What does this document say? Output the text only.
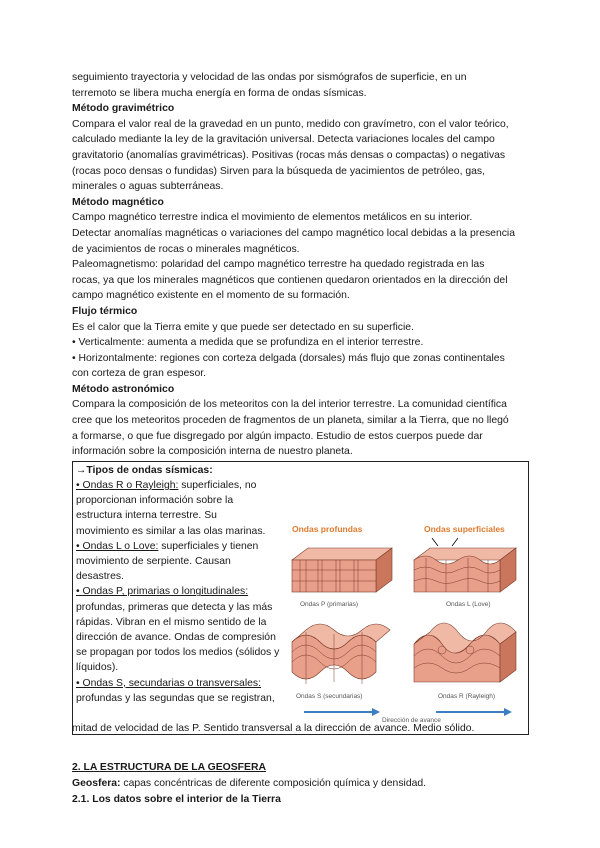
seguimiento trayectoria y velocidad de las ondas por sismógrafos de superficie, en un

terremoto se libera mucha energía en forma de ondas sísmicas.

Método gravimétrico

Compara el valor real de la gravedad en un punto, medido con gravímetro, con el valor teórico,

calculado mediante la ley de la gravitación universal. Detecta variaciones locales del campo

gravitatorio (anomalías gravimétricas). Positivas (rocas más densas o compactas) o negativas

(rocas poco densas o fundidas) Sirven para la búsqueda de yacimientos de petróleo, gas,

minerales o aguas subterráneas.

Método magnético

Campo magnético terrestre indica el movimiento de elementos metálicos en su interior.

Detectar anomalías magnéticas o variaciones del campo magnético local debidas a la presencia

de yacimientos de rocas o minerales magnéticos.

Paleomagnetismo: polaridad del campo magnético terrestre ha quedado registrada en las

rocas, ya que los minerales magnéticos que contienen quedaron orientados en la dirección del

campo magnético existente en el momento de su formación.

Flujo térmico

Es el calor que la Tierra emite y que puede ser detectado en su superficie.

• Verticalmente: aumenta a medida que se profundiza en el interior terrestre.

• Horizontalmente: regiones con corteza delgada (dorsales) más flujo que zonas continentales

con corteza de gran espesor.

Método astronómico

Compara la composición de los meteoritos con la del interior terrestre. La comunidad científica

cree que los meteoritos proceden de fragmentos de un planeta, similar a la Tierra, que no llegó

a formarse, o que fue disgregado por algún impacto. Estudio de estos cuerpos puede dar

información sobre la composición interna de nuestro planeta.

→Tipos de ondas sísmicas:

• Ondas R o Rayleigh: superficiales, no

proporcionan información sobre la

estructura interna terrestre. Su

movimiento es similar a las olas marinas.

• Ondas L o Love: superficiales y tienen

movimiento de serpiente. Causan

desastres.

• Ondas P, primarias o longitudinales:

profundas, primeras que detecta y las más

rápidas. Vibran en el mismo sentido de la

dirección de avance. Ondas de compresión

se propagan por todos los medios (sólidos y

líquidos).

• Ondas S, secundarias o transversales:

profundas y las segundas que se registran,

Ondas profundas	Ondas superficiales
Ondas P (primarias)	Ondas L (Love)
Ondas S (secundarias)	Ondas R (Rayleigh)
Dirección de avance

mitad de velocidad de las P. Sentido transversal a la dirección de avance. Medio sólido.

2. LA ESTRUCTURA DE LA GEOSFERA

Geosfera: capas concéntricas de diferente composición química y densidad.

2.1. Los datos sobre el interior de la Tierra
